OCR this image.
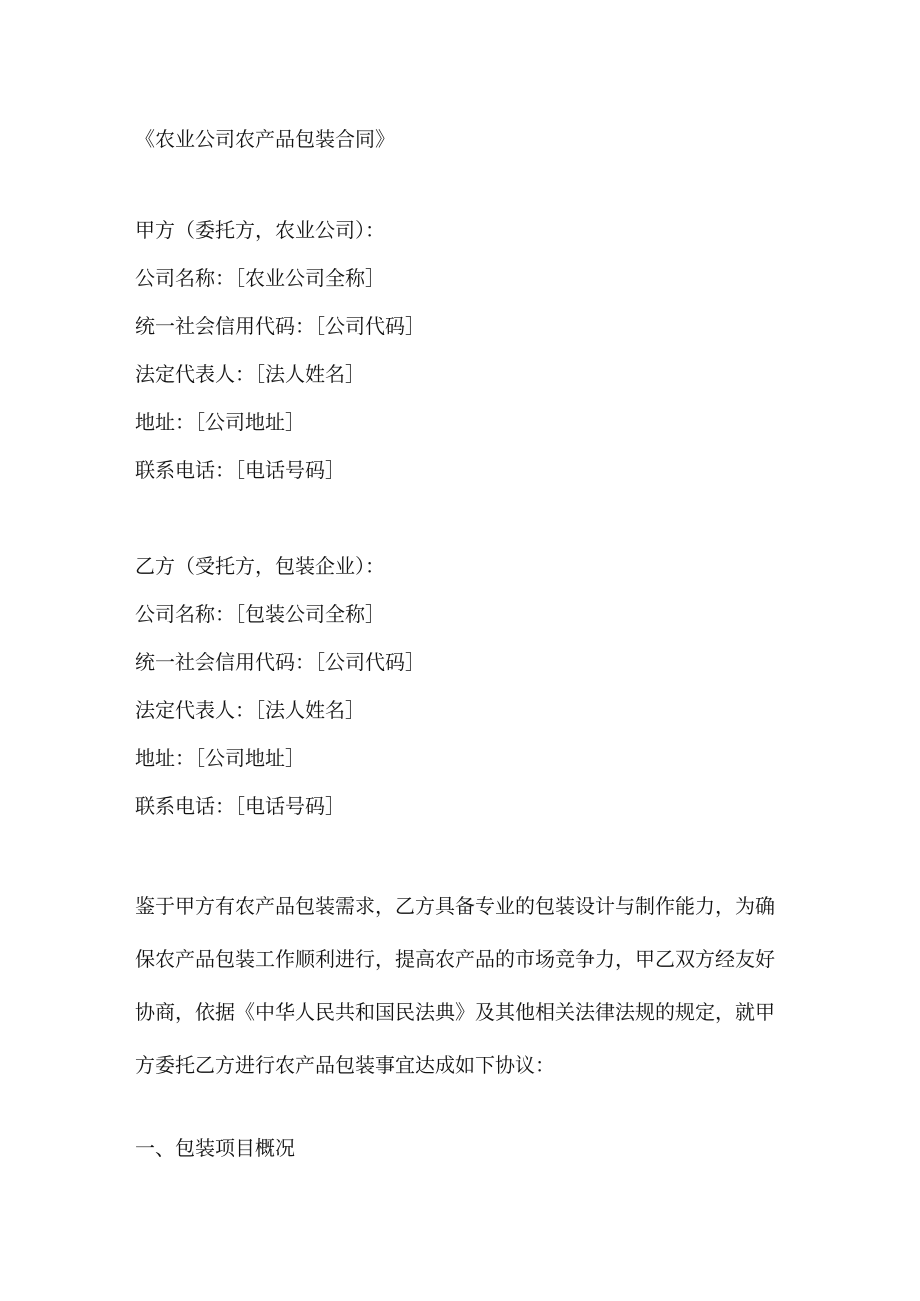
《农业公司农产品包装合同》

甲方（委托方，农业公司）：

公司名称：［农业公司全称］

统一社会信用代码：［公司代码］

法定代表人：［法人姓名］

地址：［公司地址］

联系电话：［电话号码］

乙方（受托方，包装企业）：

公司名称：［包装公司全称］

统一社会信用代码：［公司代码］

法定代表人：［法人姓名］

地址：［公司地址］

联系电话：［电话号码］

鉴于甲方有农产品包装需求，乙方具备专业的包装设计与制作能力，为确
保农产品包装工作顺利进行，提高农产品的市场竞争力，甲乙双方经友好
协商，依据《中华人民共和国民法典》及其他相关法律法规的规定，就甲
方委托乙方进行农产品包装事宜达成如下协议：

一、包装项目概况
